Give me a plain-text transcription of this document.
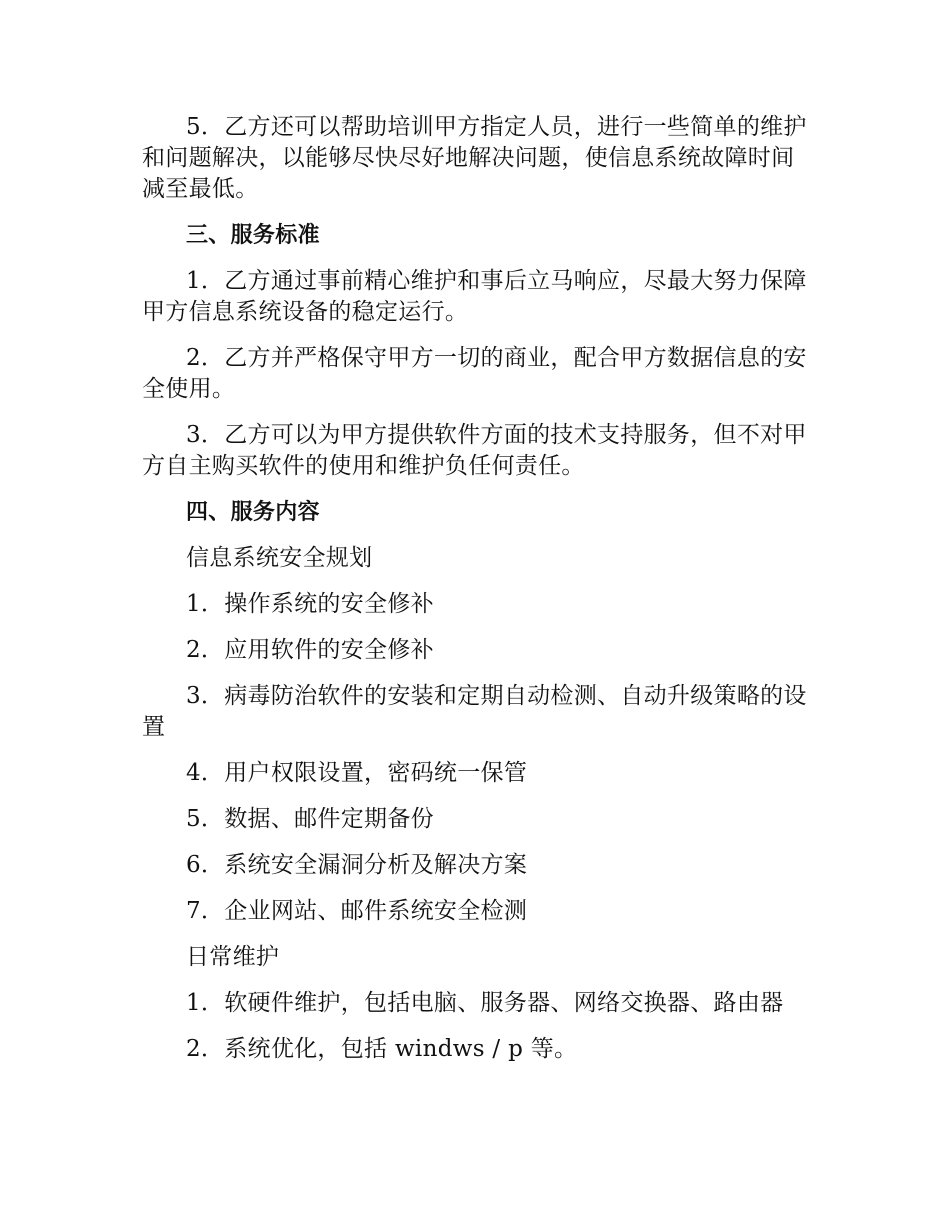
5．乙方还可以帮助培训甲方指定人员，进行一些简单的维护和问题解决，以能够尽快尽好地解决问题，使信息系统故障时间减至最低。

三、服务标准

1．乙方通过事前精心维护和事后立马响应，尽最大努力保障甲方信息系统设备的稳定运行。

2．乙方并严格保守甲方一切的商业，配合甲方数据信息的安全使用。

3．乙方可以为甲方提供软件方面的技术支持服务，但不对甲方自主购买软件的使用和维护负任何责任。

四、服务内容

信息系统安全规划

1．操作系统的安全修补

2．应用软件的安全修补

3．病毒防治软件的安装和定期自动检测、自动升级策略的设置

4．用户权限设置，密码统一保管

5．数据、邮件定期备份

6．系统安全漏洞分析及解决方案

7．企业网站、邮件系统安全检测

日常维护

1．软硬件维护，包括电脑、服务器、网络交换器、路由器

2．系统优化，包括 windws / p 等。
